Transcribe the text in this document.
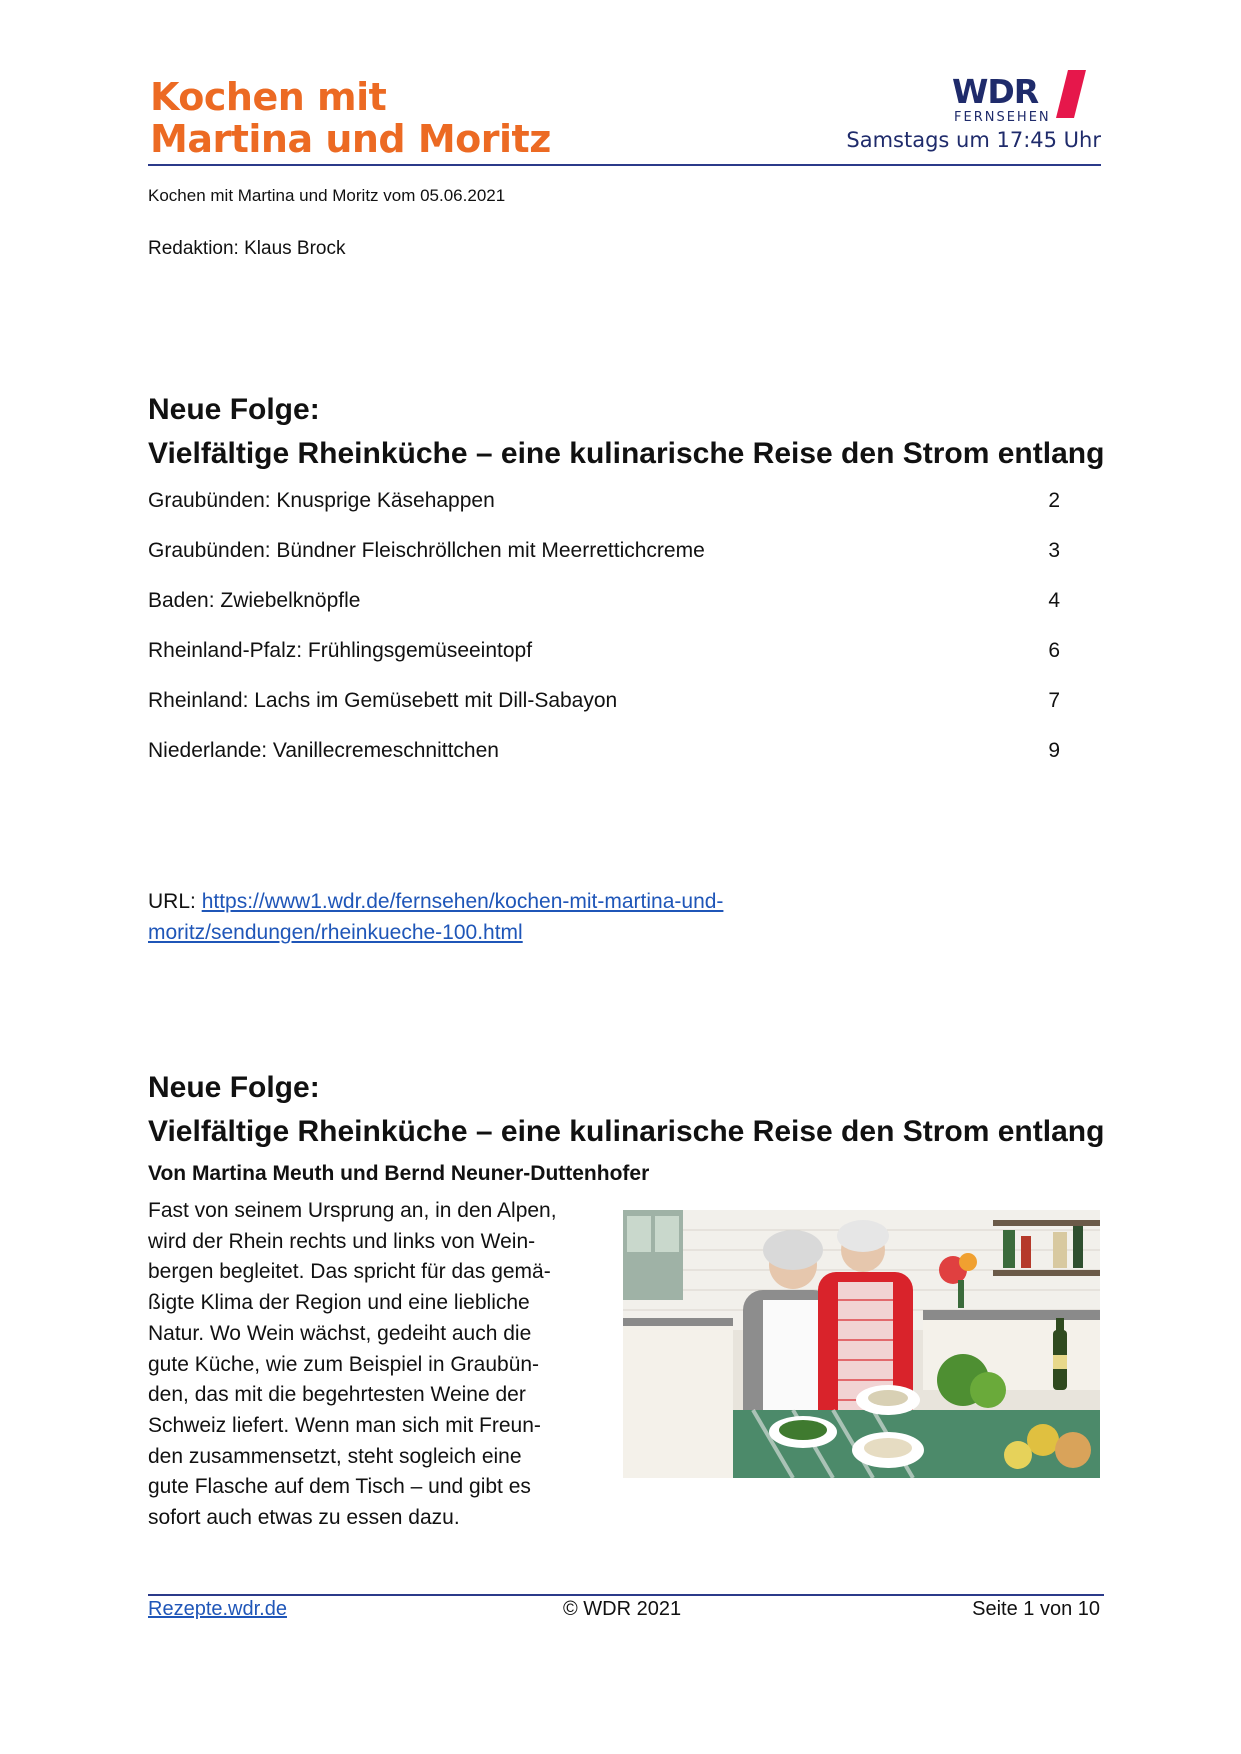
Kochen mit
Martina und Moritz
WDR
FERNSEHEN
Samstags um 17:45 Uhr
Kochen mit Martina und Moritz vom 05.06.2021
Redaktion: Klaus Brock
Neue Folge:
Vielfältige Rheinküche – eine kulinarische Reise den Strom entlang
Graubünden: Knusprige Käsehappen	2
Graubünden: Bündner Fleischröllchen mit Meerrettichcreme	3
Baden: Zwiebelknöpfle	4
Rheinland-Pfalz: Frühlingsgemüseeintopf	6
Rheinland: Lachs im Gemüsebett mit Dill-Sabayon	7
Niederlande: Vanillecremeschnittchen	9
URL: https://www1.wdr.de/fernsehen/kochen-mit-martina-und-
moritz/sendungen/rheinkueche-100.html
Neue Folge:
Vielfältige Rheinküche – eine kulinarische Reise den Strom entlang
Von Martina Meuth und Bernd Neuner-Duttenhofer
Fast von seinem Ursprung an, in den Alpen,
wird der Rhein rechts und links von Wein-
bergen begleitet. Das spricht für das gemä-
ßigte Klima der Region und eine liebliche
Natur. Wo Wein wächst, gedeiht auch die
gute Küche, wie zum Beispiel in Graubün-
den, das mit die begehrtesten Weine der
Schweiz liefert. Wenn man sich mit Freun-
den zusammensetzt, steht sogleich eine
gute Flasche auf dem Tisch – und gibt es
sofort auch etwas zu essen dazu.
Rezepte.wdr.de	© WDR 2021	Seite 1 von 10
